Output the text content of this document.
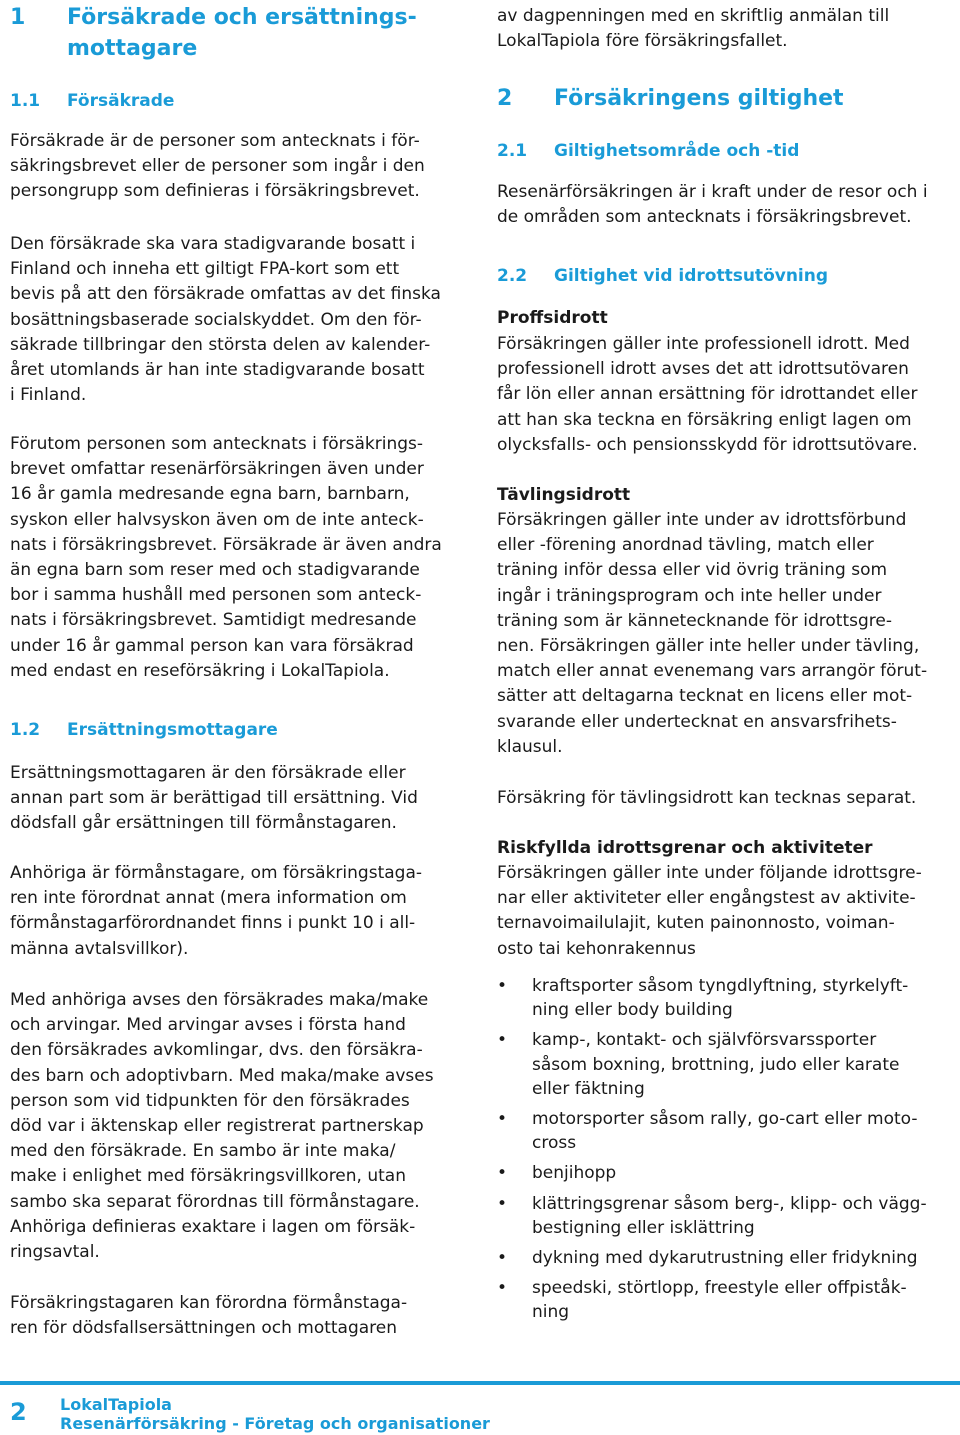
1 Försäkrade och ersättnings-
mottagare
1.1 Försäkrade

Försäkrade är de personer som antecknats i för-
säkringsbrevet eller de personer som ingår i den
persongrupp som definieras i försäkringsbrevet.

Den försäkrade ska vara stadigvarande bosatt i
Finland och inneha ett giltigt FPA-kort som ett
bevis på att den försäkrade omfattas av det finska
bosättningsbaserade socialskyddet. Om den för-
säkrade tillbringar den största delen av kalender-
året utomlands är han inte stadigvarande bosatt
i Finland.

Förutom personen som antecknats i försäkrings-
brevet omfattar resenärförsäkringen även under
16 år gamla medresande egna barn, barnbarn,
syskon eller halvsyskon även om de inte anteck-
nats i försäkringsbrevet. Försäkrade är även andra
än egna barn som reser med och stadigvarande
bor i samma hushåll med personen som anteck-
nats i försäkringsbrevet. Samtidigt medresande
under 16 år gammal person kan vara försäkrad
med endast en reseförsäkring i LokalTapiola.

1.2 Ersättningsmottagare

Ersättningsmottagaren är den försäkrade eller
annan part som är berättigad till ersättning. Vid
dödsfall går ersättningen till förmånstagaren.

Anhöriga är förmånstagare, om försäkringstaga-
ren inte förordnat annat (mera information om
förmånstagarförordnandet finns i punkt 10 i all-
männa avtalsvillkor).

Med anhöriga avses den försäkrades maka/make
och arvingar. Med arvingar avses i första hand
den försäkrades avkomlingar, dvs. den försäkra-
des barn och adoptivbarn. Med maka/make avses
person som vid tidpunkten för den försäkrades
död var i äktenskap eller registrerat partnerskap
med den försäkrade. En sambo är inte maka/
make i enlighet med försäkringsvillkoren, utan
sambo ska separat förordnas till förmånstagare.
Anhöriga definieras exaktare i lagen om försäk-
ringsavtal.

Försäkringstagaren kan förordna förmånstaga-
ren för dödsfallsersättningen och mottagaren

av dagpenningen med en skriftlig anmälan till
LokalTapiola före försäkringsfallet.

2 Försäkringens giltighet
2.1 Giltighetsområde och -tid

Resenärförsäkringen är i kraft under de resor och i
de områden som antecknats i försäkringsbrevet.

2.2 Giltighet vid idrottsutövning

Proffsidrott

Försäkringen gäller inte professionell idrott. Med
professionell idrott avses det att idrottsutövaren
får lön eller annan ersättning för idrottandet eller
att han ska teckna en försäkring enligt lagen om
olycksfalls- och pensionsskydd för idrottsutövare.

Tävlingsidrott

Försäkringen gäller inte under av idrottsförbund
eller -förening anordnad tävling, match eller
träning inför dessa eller vid övrig träning som
ingår i träningsprogram och inte heller under
träning som är kännetecknande för idrottsgre-
nen. Försäkringen gäller inte heller under tävling,
match eller annat evenemang vars arrangör förut-
sätter att deltagarna tecknat en licens eller mot-
svarande eller undertecknat en ansvarsfrihets-
klausul.

Försäkring för tävlingsidrott kan tecknas separat.

Riskfyllda idrottsgrenar och aktiviteter

Försäkringen gäller inte under följande idrottsgre-
nar eller aktiviteter eller engångstest av aktivite-
ternavoimailulajit, kuten painonnosto, voiman-
osto tai kehonrakennus

• kraftsporter såsom tyngdlyftning, styrkelyft-
ning eller body building
• kamp-, kontakt- och självförsvarssporter
såsom boxning, brottning, judo eller karate
eller fäktning
• motorsporter såsom rally, go-cart eller moto-
cross
• benjihopp
• klättringsgrenar såsom berg-, klipp- och vägg-
bestigning eller isklättring
• dykning med dykarutrustning eller fridykning
• speedski, störtlopp, freestyle eller offpiståk-
ning
2 LokalTapiola
Resenärförsäkring - Företag och organisationer
